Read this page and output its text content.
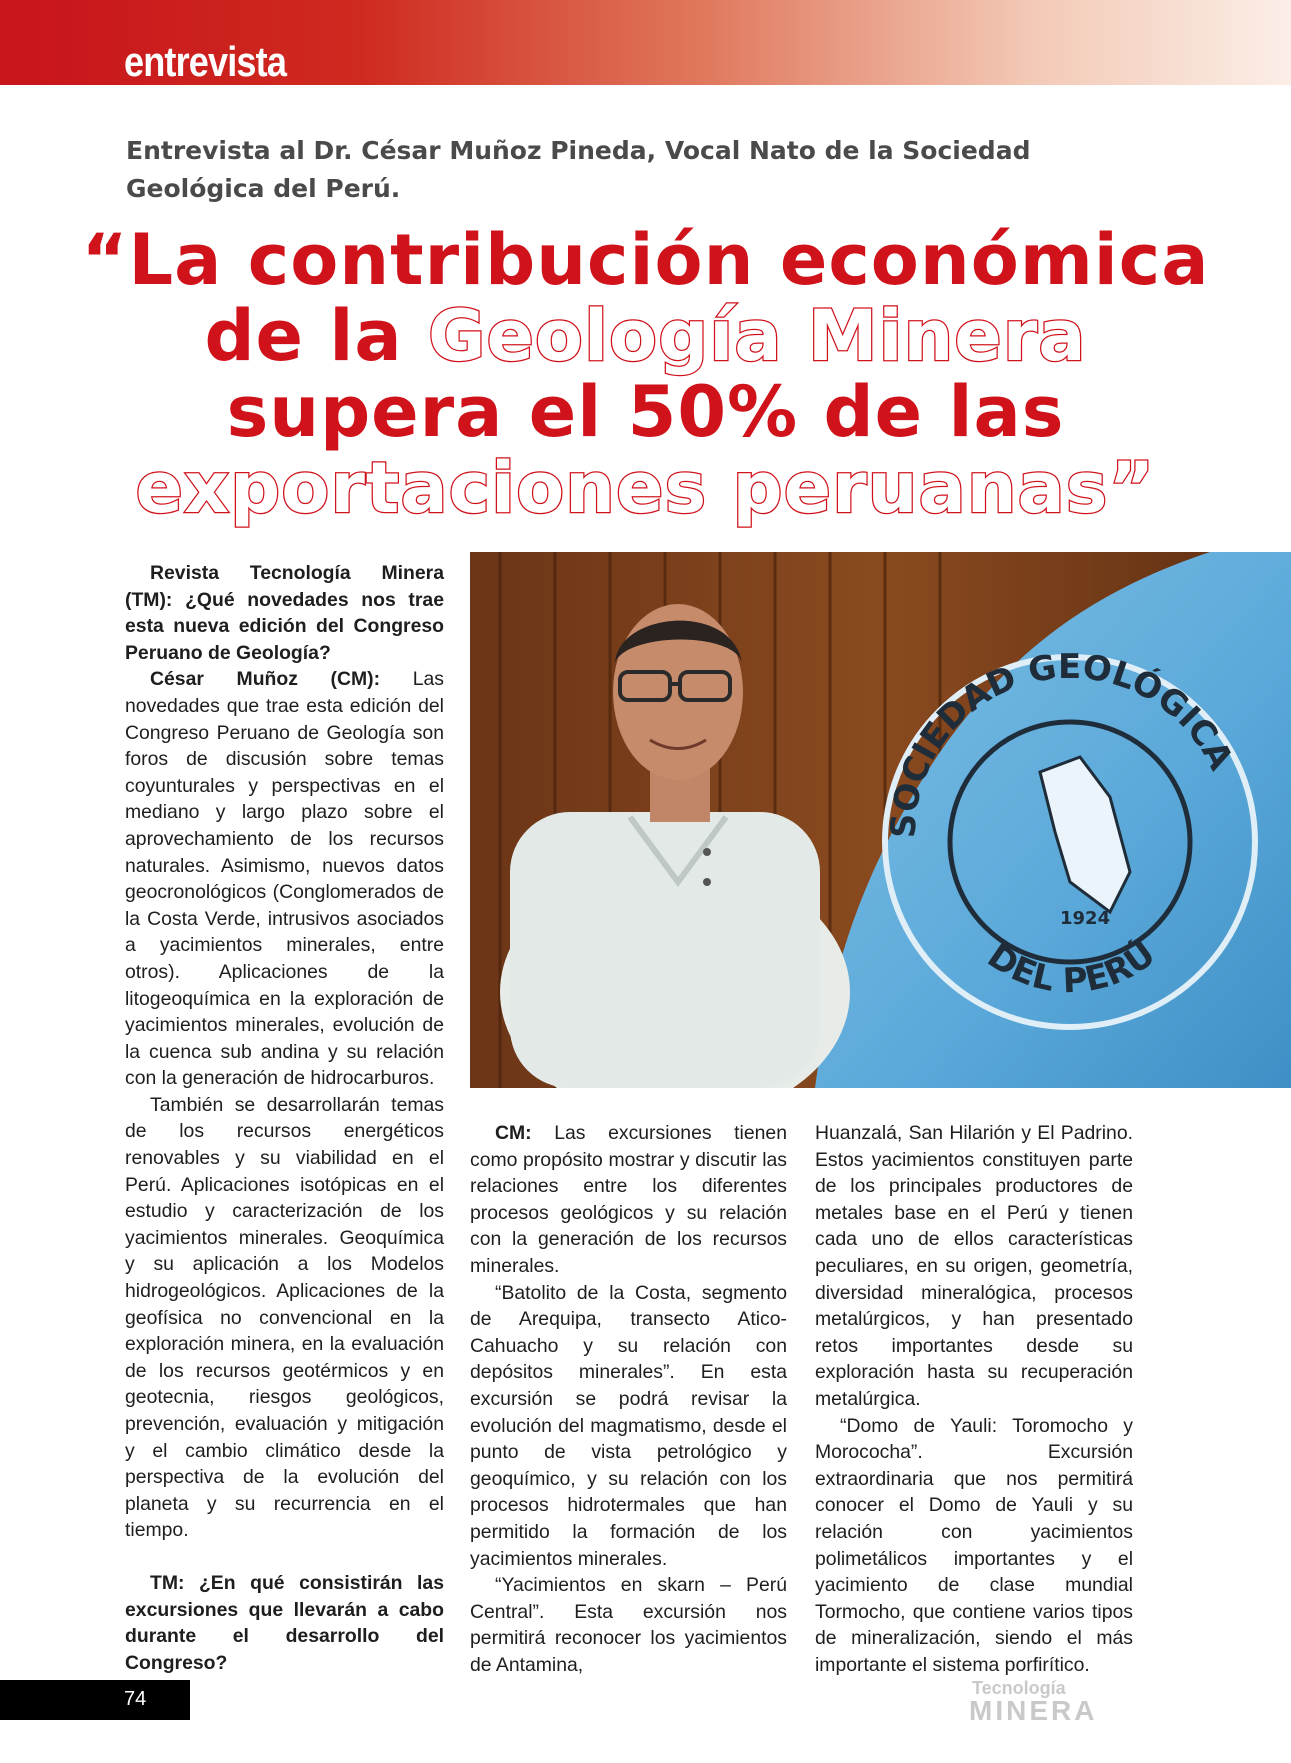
entrevista
Entrevista al Dr. César Muñoz Pineda, Vocal Nato de la Sociedad Geológica del Perú.
“La contribución económica
de la Geología Minera
supera el 50% de las
exportaciones peruanas”
SOCIEDAD GEOLÓGICA
DEL PERÚ
1924

Revista Tecnología Minera (TM): ¿Qué novedades nos trae esta nueva edición del Congreso Peruano de Geología?

César Muñoz (CM): Las novedades que trae esta edición del Congreso Peruano de Geología son foros de discusión sobre temas coyunturales y perspectivas en el mediano y largo plazo sobre el aprovechamiento de los recursos naturales. Asimismo, nuevos datos geocronológicos (Conglomerados de la Costa Verde, intrusivos asociados a yacimientos minerales, entre otros). Aplicaciones de la litogeoquímica en la exploración de yacimientos minerales, evolución de la cuenca sub andina y su relación con la generación de hidrocarburos.

También se desarrollarán temas de los recursos energéticos renovables y su viabilidad en el Perú. Aplicaciones isotópicas en el estudio y caracterización de los yacimientos minerales. Geoquímica y su aplicación a los Modelos hidrogeológicos. Aplicaciones de la geofísica no convencional en la exploración minera, en la evaluación de los recursos geotérmicos y en geotecnia, riesgos geológicos, prevención, evaluación y mitigación y el cambio climático desde la perspectiva de la evolución del planeta y su recurrencia en el tiempo.

TM: ¿En qué consistirán las excursiones que llevarán a cabo durante el desarrollo del Congreso?

CM: Las excursiones tienen como propósito mostrar y discutir las relaciones entre los diferentes procesos geológicos y su relación con la generación de los recursos minerales.

“Batolito de la Costa, segmento de Arequipa, transecto Atico-Cahuacho y su relación con depósitos minerales”. En esta excursión se podrá revisar la evolución del magmatismo, desde el punto de vista petrológico y geoquímico, y su relación con los procesos hidrotermales que han permitido la formación de los yacimientos minerales.

“Yacimientos en skarn – Perú Central”. Esta excursión nos permitirá reconocer los yacimientos de Antamina,

Huanzalá, San Hilarión y El Padrino. Estos yacimientos constituyen parte de los principales productores de metales base en el Perú y tienen cada uno de ellos características peculiares, en su origen, geometría, diversidad mineralógica, procesos metalúrgicos, y han presentado retos importantes desde su exploración hasta su recuperación metalúrgica.

“Domo de Yauli: Toromocho y Morococha”. Excursión extraordinaria que nos permitirá conocer el Domo de Yauli y su relación con yacimientos polimetálicos importantes y el yacimiento de clase mundial Tormocho, que contiene varios tipos de mineralización, siendo el más importante el sistema porfirítico.

74	Tecnología
MINERA
